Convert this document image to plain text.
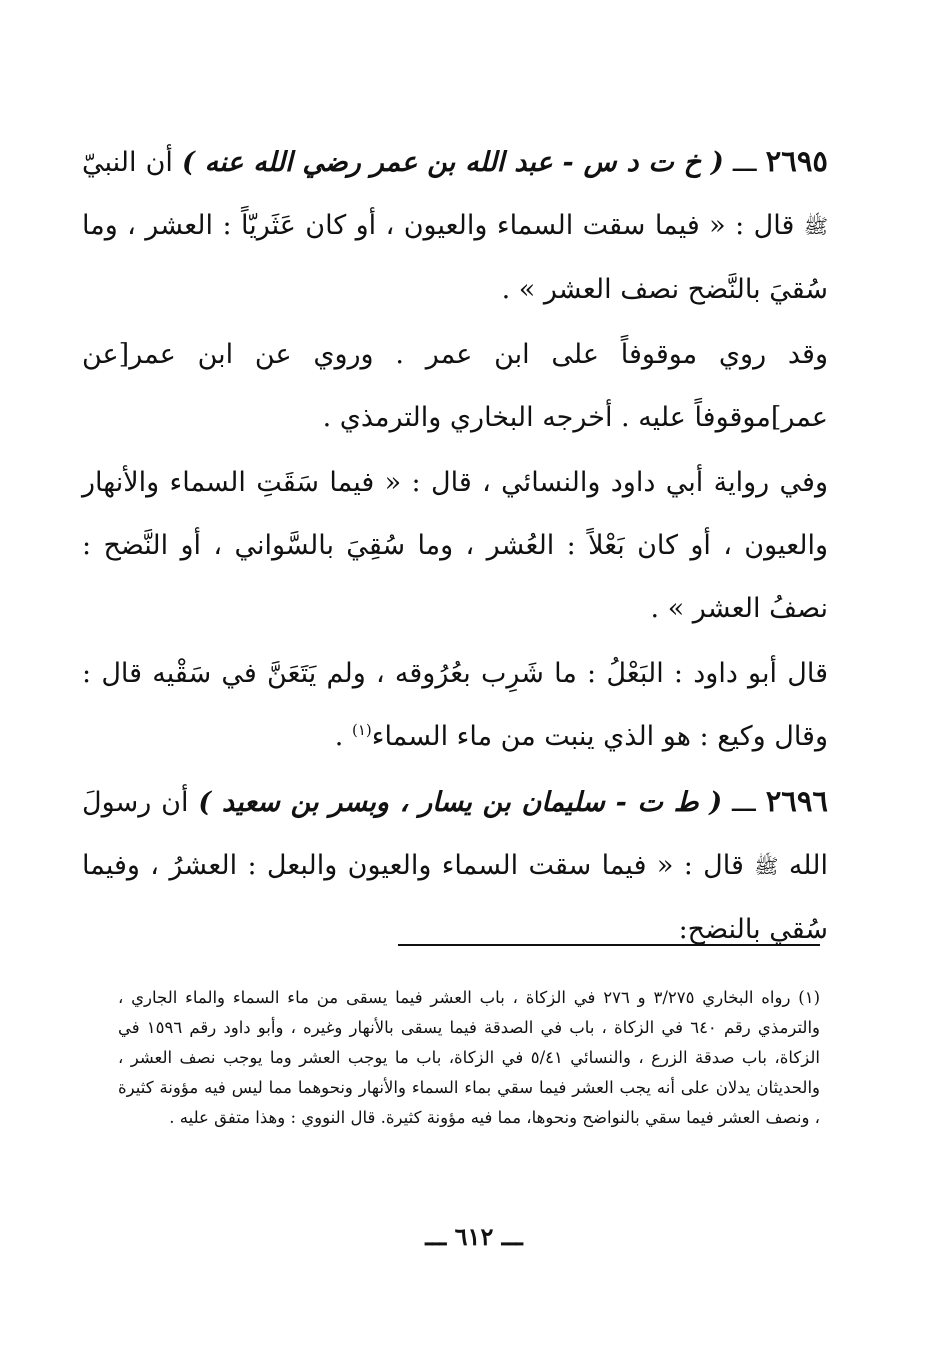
٢٦٩٥ ـــ ( خ ت د س - عبد الله بن عمر رضي الله عنه ) أن النبيّ ﷺ قال : « فيما سقت السماء والعيون ، أو كان عَثَريّاً : العشر ، وما سُقيَ بالنَّضح نصف العشر » .

وقد روي موقوفاً على ابن عمر . وروي عن ابن عمر[عن عمر]موقوفاً عليه . أخرجه البخاري والترمذي .

وفي رواية أبي داود والنسائي ، قال : « فيما سَقَتِ السماء والأنهار والعيون ، أو كان بَعْلاً : العُشر ، وما سُقِيَ بالسَّواني ، أو النَّضح : نصفُ العشر » .

قال أبو داود : البَعْلُ : ما شَرِب بعُرُوقه ، ولم يَتَعَنَّ في سَقْيه قال : وقال وكيع : هو الذي ينبت من ماء السماء$^{(١)}$ .

٢٦٩٦ ـــ ( ط ت - سليمان بن يسار ، وبسر بن سعيد ) أن رسولَ الله ﷺ قال : « فيما سقت السماء والعيون والبعل : العشرُ ، وفيما سُقي بالنضح:

(١) رواه البخاري ٣/٢٧٥ و ٢٧٦ في الزكاة ، باب العشر فيما يسقى من ماء السماء والماء الجاري ، والترمذي رقم ٦٤٠ في الزكاة ، باب في الصدقة فيما يسقى بالأنهار وغيره ، وأبو داود رقم ١٥٩٦ في الزكاة، باب صدقة الزرع ، والنسائي ٥/٤١ في الزكاة، باب ما يوجب العشر وما يوجب نصف العشر ، والحديثان يدلان على أنه يجب العشر فيما سقي بماء السماء والأنهار ونحوهما مما ليس فيه مؤونة كثيرة ، ونصف العشر فيما سقي بالنواضح ونحوها، مما فيه مؤونة كثيرة. قال النووي : وهذا متفق عليه .

ـــ ٦١٢ ـــ
